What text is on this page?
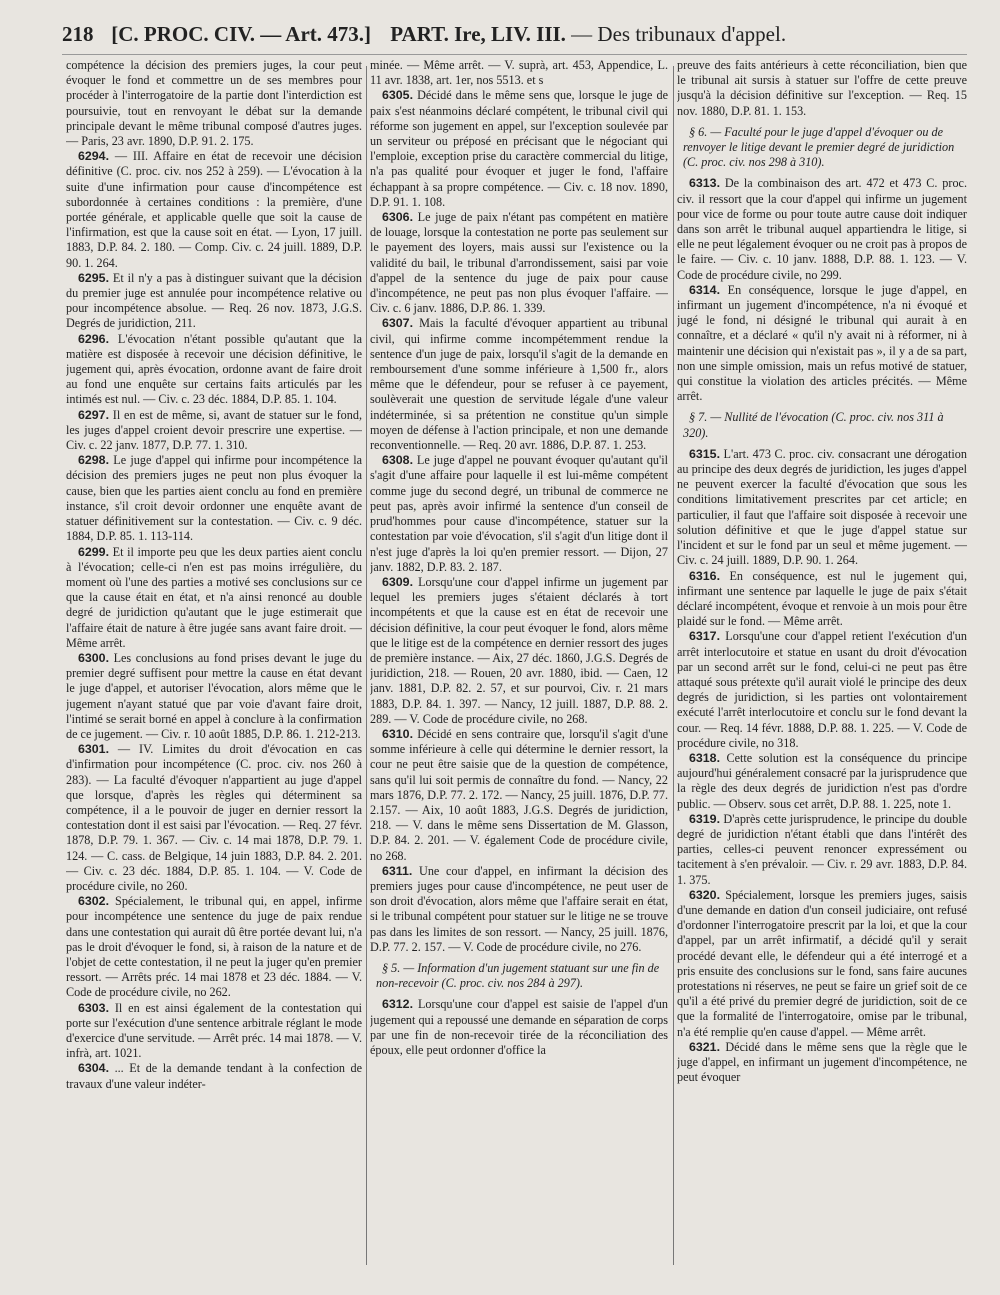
218 [C. PROC. CIV. — Art. 473.] PART. Ire, LIV. III. — Des tribunaux d'appel.

compétence la décision des premiers juges, la cour peut évoquer le fond et commettre un de ses membres pour procéder à l'interrogatoire de la partie dont l'interdiction est poursuivie, tout en renvoyant le débat sur la demande principale devant le même tribunal composé d'autres juges. — Paris, 23 avr. 1890, D.P. 91. 2. 175.

6294. — III. Affaire en état de recevoir une décision définitive (C. proc. civ. nos 252 à 259). — L'évocation à la suite d'une infirmation pour cause d'incompétence est subordonnée à certaines conditions : la première, d'une portée générale, et applicable quelle que soit la cause de l'infirmation, est que la cause soit en état. — Lyon, 17 juill. 1883, D.P. 84. 2. 180. — Comp. Civ. c. 24 juill. 1889, D.P. 90. 1. 264.

6295. Et il n'y a pas à distinguer suivant que la décision du premier juge est annulée pour incompétence relative ou pour incompétence absolue. — Req. 26 nov. 1873, J.G.S. Degrés de juridiction, 211.

6296. L'évocation n'étant possible qu'autant que la matière est disposée à recevoir une décision définitive, le jugement qui, après évocation, ordonne avant de faire droit au fond une enquête sur certains faits articulés par les intimés est nul. — Civ. c. 23 déc. 1884, D.P. 85. 1. 104.

6297. Il en est de même, si, avant de statuer sur le fond, les juges d'appel croient devoir prescrire une expertise. — Civ. c. 22 janv. 1877, D.P. 77. 1. 310.

6298. Le juge d'appel qui infirme pour incompétence la décision des premiers juges ne peut non plus évoquer la cause, bien que les parties aient conclu au fond en première instance, s'il croit devoir ordonner une enquête avant de statuer définitivement sur la contestation. — Civ. c. 9 déc. 1884, D.P. 85. 1. 113-114.

6299. Et il importe peu que les deux parties aient conclu à l'évocation; celle-ci n'en est pas moins irrégulière, du moment où l'une des parties a motivé ses conclusions sur ce que la cause était en état, et n'a ainsi renoncé au double degré de juridiction qu'autant que le juge estimerait que l'affaire était de nature à être jugée sans avant faire droit. — Même arrêt.

6300. Les conclusions au fond prises devant le juge du premier degré suffisent pour mettre la cause en état devant le juge d'appel, et autoriser l'évocation, alors même que le jugement n'ayant statué que par voie d'avant faire droit, l'intimé se serait borné en appel à conclure à la confirmation de ce jugement. — Civ. r. 10 août 1885, D.P. 86. 1. 212-213.

6301. — IV. Limites du droit d'évocation en cas d'infirmation pour incompétence (C. proc. civ. nos 260 à 283). — La faculté d'évoquer n'appartient au juge d'appel que lorsque, d'après les règles qui déterminent sa compétence, il a le pouvoir de juger en dernier ressort la contestation dont il est saisi par l'évocation. — Req. 27 févr. 1878, D.P. 79. 1. 367. — Civ. c. 14 mai 1878, D.P. 79. 1. 124. — C. cass. de Belgique, 14 juin 1883, D.P. 84. 2. 201. — Civ. c. 23 déc. 1884, D.P. 85. 1. 104. — V. Code de procédure civile, no 260.

6302. Spécialement, le tribunal qui, en appel, infirme pour incompétence une sentence du juge de paix rendue dans une contestation qui aurait dû être portée devant lui, n'a pas le droit d'évoquer le fond, si, à raison de la nature et de l'objet de cette contestation, il ne peut la juger qu'en premier ressort. — Arrêts préc. 14 mai 1878 et 23 déc. 1884. — V. Code de procédure civile, no 262.

6303. Il en est ainsi également de la contestation qui porte sur l'exécution d'une sentence arbitrale réglant le mode d'exercice d'une servitude. — Arrêt préc. 14 mai 1878. — V. infrà, art. 1021.

6304. ... Et de la demande tendant à la confection de travaux d'une valeur indéter-

minée. — Même arrêt. — V. suprà, art. 453, Appendice, L. 11 avr. 1838, art. 1er, nos 5513. et s

6305. Décidé dans le même sens que, lorsque le juge de paix s'est néanmoins déclaré compétent, le tribunal civil qui réforme son jugement en appel, sur l'exception soulevée par un serviteur ou préposé en précisant que le négociant qui l'emploie, exception prise du caractère commercial du litige, n'a pas qualité pour évoquer et juger le fond, l'affaire échappant à sa propre compétence. — Civ. c. 18 nov. 1890, D.P. 91. 1. 108.

6306. Le juge de paix n'étant pas compétent en matière de louage, lorsque la contestation ne porte pas seulement sur le payement des loyers, mais aussi sur l'existence ou la validité du bail, le tribunal d'arrondissement, saisi par voie d'appel de la sentence du juge de paix pour cause d'incompétence, ne peut pas non plus évoquer l'affaire. — Civ. c. 6 janv. 1886, D.P. 86. 1. 339.

6307. Mais la faculté d'évoquer appartient au tribunal civil, qui infirme comme incompétemment rendue la sentence d'un juge de paix, lorsqu'il s'agit de la demande en remboursement d'une somme inférieure à 1,500 fr., alors même que le défendeur, pour se refuser à ce payement, soulèverait une question de servitude légale d'une valeur indéterminée, si sa prétention ne constitue qu'un simple moyen de défense à l'action principale, et non une demande reconventionnelle. — Req. 20 avr. 1886, D.P. 87. 1. 253.

6308. Le juge d'appel ne pouvant évoquer qu'autant qu'il s'agit d'une affaire pour laquelle il est lui-même compétent comme juge du second degré, un tribunal de commerce ne peut pas, après avoir infirmé la sentence d'un conseil de prud'hommes pour cause d'incompétence, statuer sur la contestation par voie d'évocation, s'il s'agit d'un litige dont il n'est juge d'après la loi qu'en premier ressort. — Dijon, 27 janv. 1882, D.P. 83. 2. 187.

6309. Lorsqu'une cour d'appel infirme un jugement par lequel les premiers juges s'étaient déclarés à tort incompétents et que la cause est en état de recevoir une décision définitive, la cour peut évoquer le fond, alors même que le litige est de la compétence en dernier ressort des juges de première instance. — Aix, 27 déc. 1860, J.G.S. Degrés de juridiction, 218. — Rouen, 20 avr. 1880, ibid. — Caen, 12 janv. 1881, D.P. 82. 2. 57, et sur pourvoi, Civ. r. 21 mars 1883, D.P. 84. 1. 397. — Nancy, 12 juill. 1887, D.P. 88. 2. 289. — V. Code de procédure civile, no 268.

6310. Décidé en sens contraire que, lorsqu'il s'agit d'une somme inférieure à celle qui détermine le dernier ressort, la cour ne peut être saisie que de la question de compétence, sans qu'il lui soit permis de connaître du fond. — Nancy, 22 mars 1876, D.P. 77. 2. 172. — Nancy, 25 juill. 1876, D.P. 77. 2.157. — Aix, 10 août 1883, J.G.S. Degrés de juridiction, 218. — V. dans le même sens Dissertation de M. Glasson, D.P. 84. 2. 201. — V. également Code de procédure civile, no 268.

6311. Une cour d'appel, en infirmant la décision des premiers juges pour cause d'incompétence, ne peut user de son droit d'évocation, alors même que l'affaire serait en état, si le tribunal compétent pour statuer sur le litige ne se trouve pas dans les limites de son ressort. — Nancy, 25 juill. 1876, D.P. 77. 2. 157. — V. Code de procédure civile, no 276.

§ 5. — Information d'un jugement statuant sur une fin de non-recevoir (C. proc. civ. nos 284 à 297).

6312. Lorsqu'une cour d'appel est saisie de l'appel d'un jugement qui a repoussé une demande en séparation de corps par une fin de non-recevoir tirée de la réconciliation des époux, elle peut ordonner d'office la

preuve des faits antérieurs à cette réconciliation, bien que le tribunal ait sursis à statuer sur l'offre de cette preuve jusqu'à la décision définitive sur l'exception. — Req. 15 nov. 1880, D.P. 81. 1. 153.

§ 6. — Faculté pour le juge d'appel d'évoquer ou de renvoyer le litige devant le premier degré de juridiction (C. proc. civ. nos 298 à 310).

6313. De la combinaison des art. 472 et 473 C. proc. civ. il ressort que la cour d'appel qui infirme un jugement pour vice de forme ou pour toute autre cause doit indiquer dans son arrêt le tribunal auquel appartiendra le litige, si elle ne peut légalement évoquer ou ne croit pas à propos de le faire. — Civ. c. 10 janv. 1888, D.P. 88. 1. 123. — V. Code de procédure civile, no 299.

6314. En conséquence, lorsque le juge d'appel, en infirmant un jugement d'incompétence, n'a ni évoqué et jugé le fond, ni désigné le tribunal qui aurait à en connaître, et a déclaré « qu'il n'y avait ni à réformer, ni à maintenir une décision qui n'existait pas », il y a de sa part, non une simple omission, mais un refus motivé de statuer, qui constitue la violation des articles précités. — Même arrêt.

§ 7. — Nullité de l'évocation (C. proc. civ. nos 311 à 320).

6315. L'art. 473 C. proc. civ. consacrant une dérogation au principe des deux degrés de juridiction, les juges d'appel ne peuvent exercer la faculté d'évocation que sous les conditions limitativement prescrites par cet article; en particulier, il faut que l'affaire soit disposée à recevoir une solution définitive et que le juge d'appel statue sur l'incident et sur le fond par un seul et même jugement. — Civ. c. 24 juill. 1889, D.P. 90. 1. 264.

6316. En conséquence, est nul le jugement qui, infirmant une sentence par laquelle le juge de paix s'était déclaré incompétent, évoque et renvoie à un mois pour être plaidé sur le fond. — Même arrêt.

6317. Lorsqu'une cour d'appel retient l'exécution d'un arrêt interlocutoire et statue en usant du droit d'évocation par un second arrêt sur le fond, celui-ci ne peut pas être attaqué sous prétexte qu'il aurait violé le principe des deux degrés de juridiction, si les parties ont volontairement exécuté l'arrêt interlocutoire et conclu sur le fond devant la cour. — Req. 14 févr. 1888, D.P. 88. 1. 225. — V. Code de procédure civile, no 318.

6318. Cette solution est la conséquence du principe aujourd'hui généralement consacré par la jurisprudence que la règle des deux degrés de juridiction n'est pas d'ordre public. — Observ. sous cet arrêt, D.P. 88. 1. 225, note 1.

6319. D'après cette jurisprudence, le principe du double degré de juridiction n'étant établi que dans l'intérêt des parties, celles-ci peuvent renoncer expressément ou tacitement à s'en prévaloir. — Civ. r. 29 avr. 1883, D.P. 84. 1. 375.

6320. Spécialement, lorsque les premiers juges, saisis d'une demande en dation d'un conseil judiciaire, ont refusé d'ordonner l'interrogatoire prescrit par la loi, et que la cour d'appel, par un arrêt infirmatif, a décidé qu'il y serait procédé devant elle, le défendeur qui a été interrogé et a pris ensuite des conclusions sur le fond, sans faire aucunes protestations ni réserves, ne peut se faire un grief soit de ce qu'il a été privé du premier degré de juridiction, soit de ce que la formalité de l'interrogatoire, omise par le tribunal, n'a été remplie qu'en cause d'appel. — Même arrêt.

6321. Décidé dans le même sens que la règle que le juge d'appel, en infirmant un jugement d'incompétence, ne peut évoquer
